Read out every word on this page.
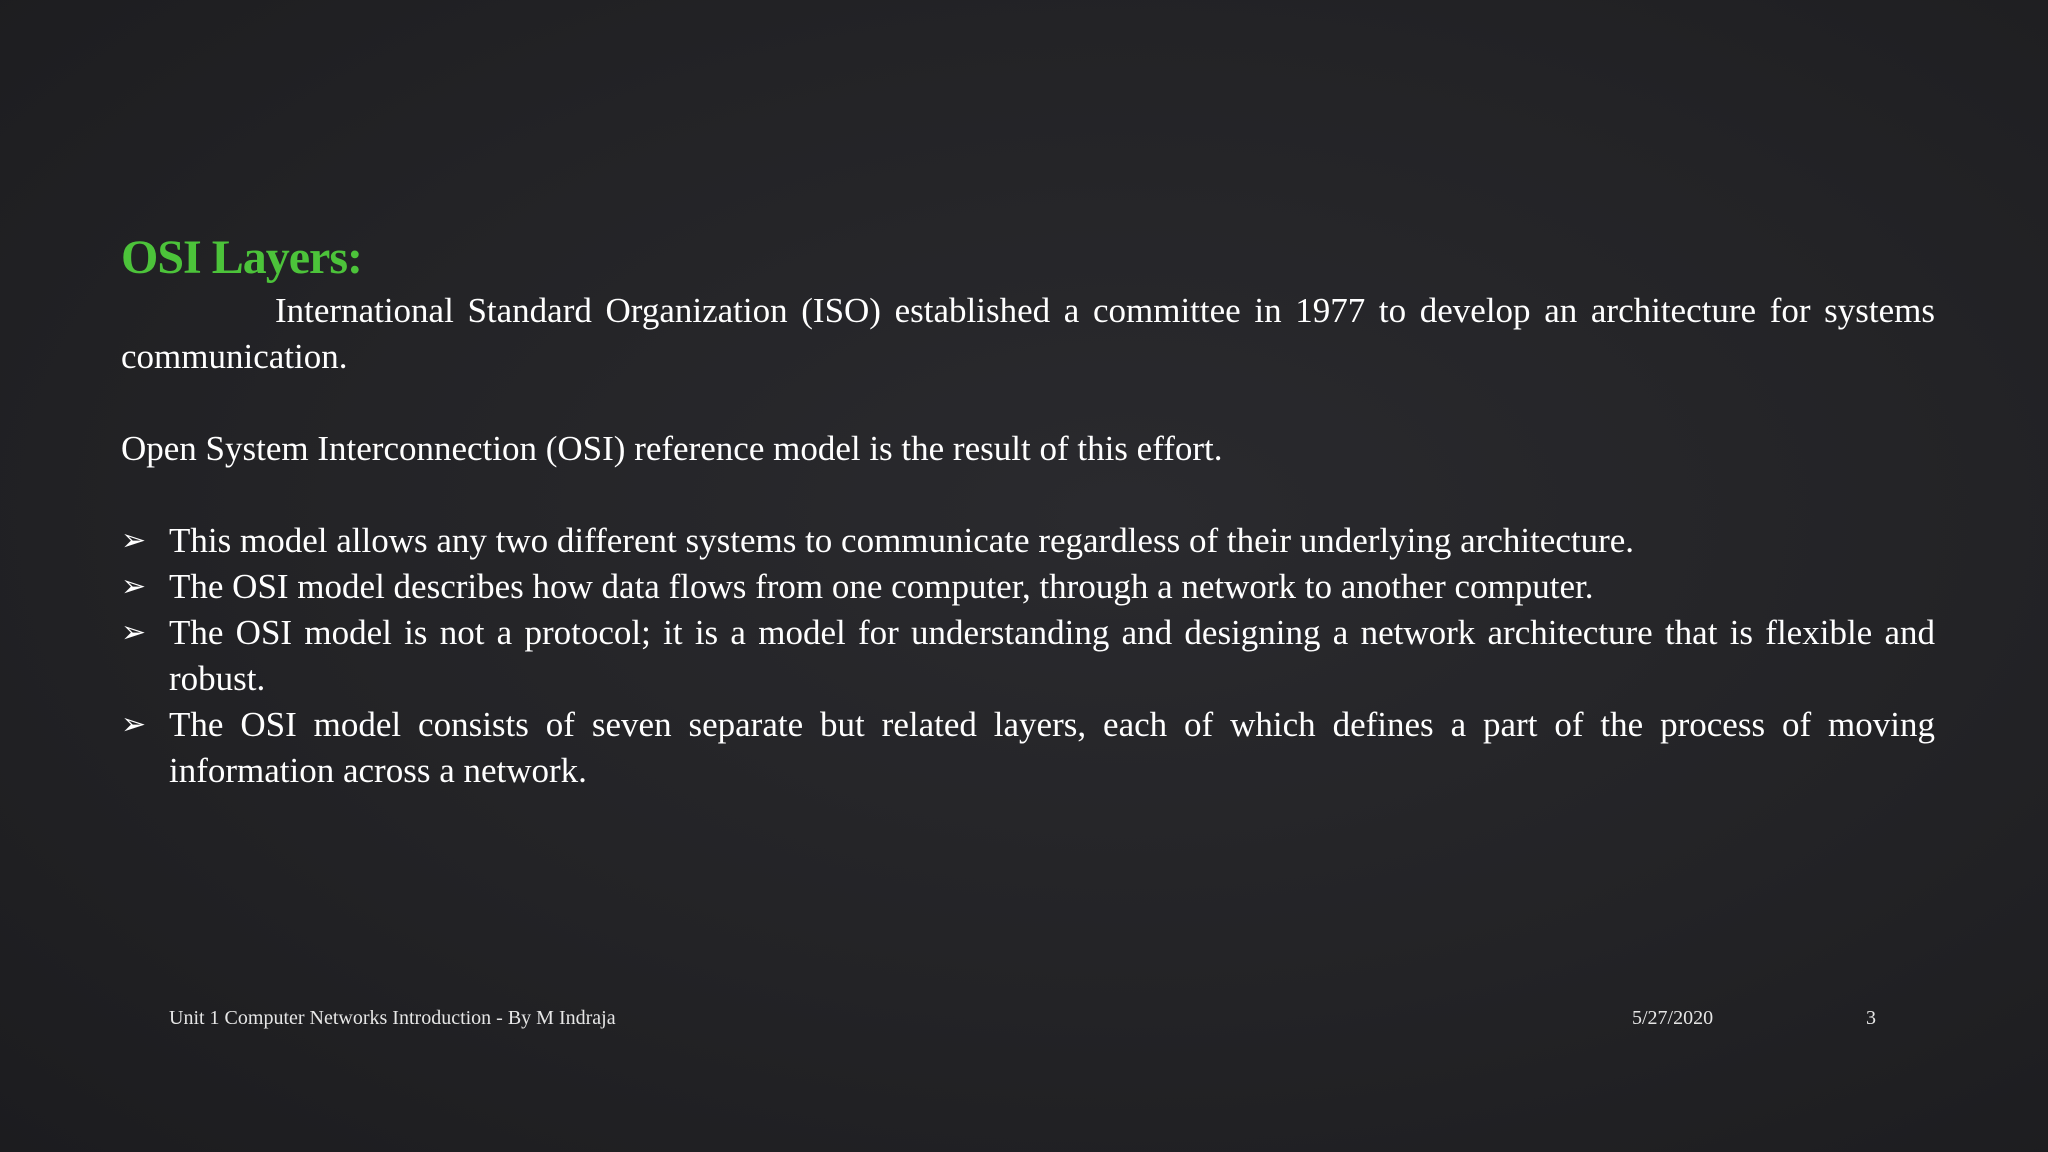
OSI Layers:

International Standard Organization (ISO) established a committee in 1977 to develop an architecture for systems communication.

Open System Interconnection (OSI) reference model is the result of this effort.

➢ This model allows any two different systems to communicate regardless of their underlying architecture.
➢ The OSI model describes how data flows from one computer, through a network to another computer.
➢ The OSI model is not a protocol; it is a model for understanding and designing a network architecture that is flexible and robust.
➢ The OSI model consists of seven separate but related layers, each of which defines a part of the process of moving information across a network.
Unit 1 Computer Networks Introduction - By M Indraja	5/27/2020	3
